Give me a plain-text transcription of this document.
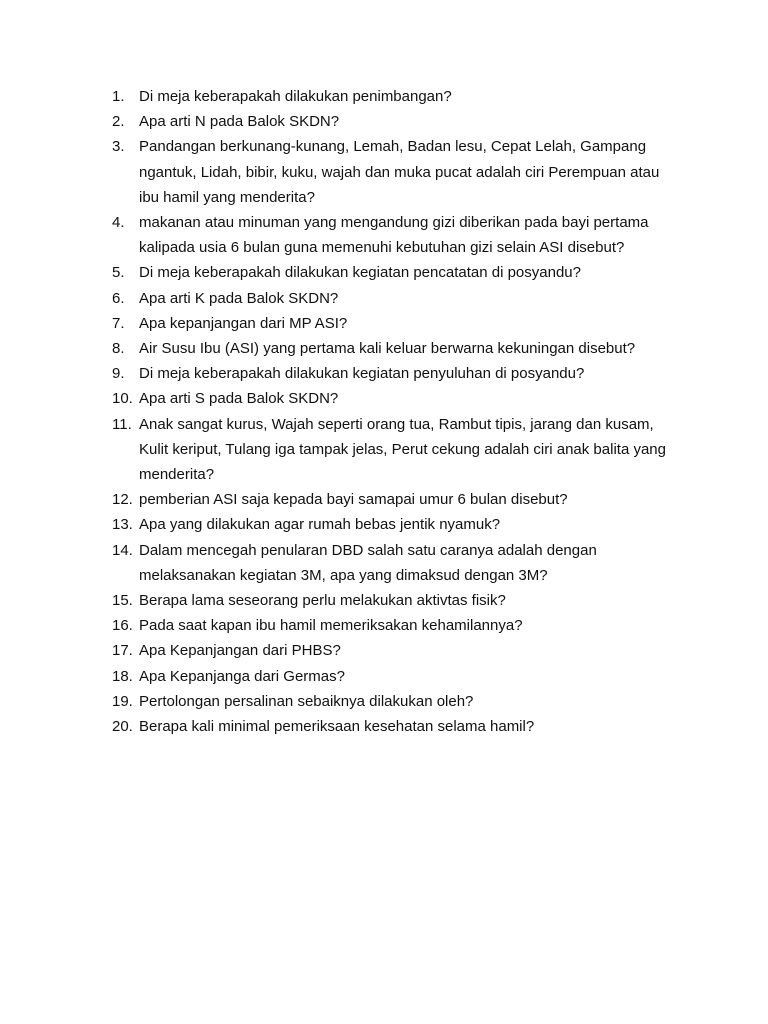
1. Di meja keberapakah dilakukan penimbangan?
2. Apa arti N pada Balok SKDN?
3. Pandangan berkunang-kunang, Lemah, Badan lesu, Cepat Lelah, Gampang ngantuk, Lidah, bibir, kuku, wajah dan muka pucat adalah ciri Perempuan atau ibu hamil yang menderita?
4. makanan atau minuman yang mengandung gizi diberikan pada bayi pertama kalipada usia 6 bulan guna memenuhi kebutuhan gizi selain ASI disebut?
5. Di meja keberapakah dilakukan kegiatan pencatatan di posyandu?
6. Apa arti K pada Balok SKDN?
7. Apa kepanjangan dari MP ASI?
8. Air Susu Ibu (ASI) yang pertama kali keluar berwarna kekuningan disebut?
9. Di meja keberapakah dilakukan kegiatan penyuluhan di posyandu?
10. Apa arti S pada Balok SKDN?
11. Anak sangat kurus, Wajah seperti orang tua, Rambut tipis, jarang dan kusam, Kulit keriput, Tulang iga tampak jelas, Perut cekung adalah ciri anak balita yang menderita?
12. pemberian ASI saja kepada bayi samapai umur 6 bulan disebut?
13. Apa yang dilakukan agar rumah bebas jentik nyamuk?
14. Dalam mencegah penularan DBD salah satu caranya adalah dengan melaksanakan kegiatan 3M, apa yang dimaksud dengan 3M?
15. Berapa lama seseorang perlu melakukan aktivtas fisik?
16. Pada saat kapan ibu hamil memeriksakan kehamilannya?
17. Apa Kepanjangan dari PHBS?
18. Apa Kepanjanga dari Germas?
19. Pertolongan persalinan sebaiknya dilakukan oleh?
20. Berapa kali minimal pemeriksaan kesehatan selama hamil?
